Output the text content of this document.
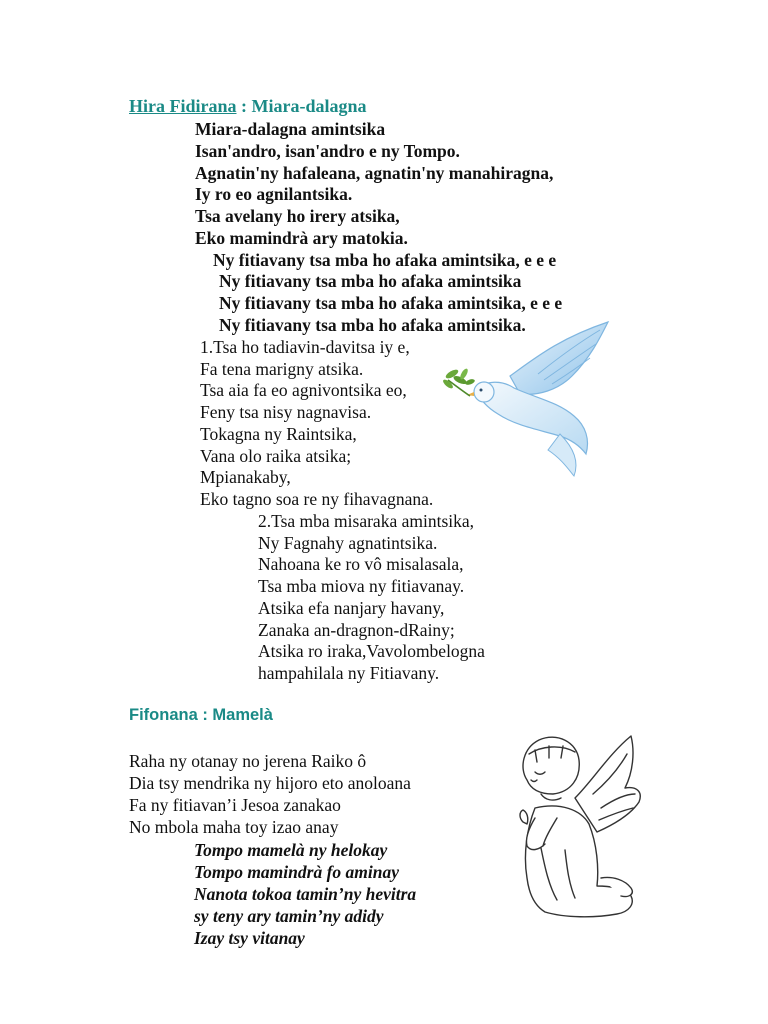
Hira Fidirana : Miara-dalagna
Miara-dalagna amintsika
Isan'andro, isan'andro e ny Tompo.
Agnatin'ny hafaleana, agnatin'ny manahiragna,
Iy ro eo agnilantsika.
Tsa avelany ho irery atsika,
Eko mamindrà ary matokia.
Ny fitiavany tsa mba ho afaka amintsika, e e e
Ny fitiavany tsa mba ho afaka amintsika
Ny fitiavany tsa mba ho afaka amintsika, e e e
Ny fitiavany tsa mba ho afaka amintsika.
1.Tsa ho tadiavin-davitsa iy e,
Fa tena marigny atsika.
Tsa aia fa eo agnivontsika eo,
Feny tsa nisy nagnavisa.
Tokagna ny Raintsika,
Vana olo raika atsika;
Mpianakaby,
Eko tagno soa re ny fihavagnana.
2.Tsa mba misaraka amintsika,
Ny Fagnahy agnatintsika.
Nahoana ke ro vô misalasala,
Tsa mba miova ny fitiavanay.
Atsika efa nanjary havany,
Zanaka an-dragnon-dRainy;
Atsika ro iraka,Vavolombelogna
hampahilala ny Fitiavany.
Fifonana : Mamelà
Raha ny otanay no jerena Raiko ô
Dia tsy mendrika ny hijoro eto anoloana
Fa ny fitiavan’i Jesoa zanakao
No mbola maha toy izao anay
Tompo mamelà ny helokay
Tompo mamindrà fo aminay
Nanota tokoa tamin’ny hevitra
sy teny ary tamin’ny adidy
Izay tsy vitanay
